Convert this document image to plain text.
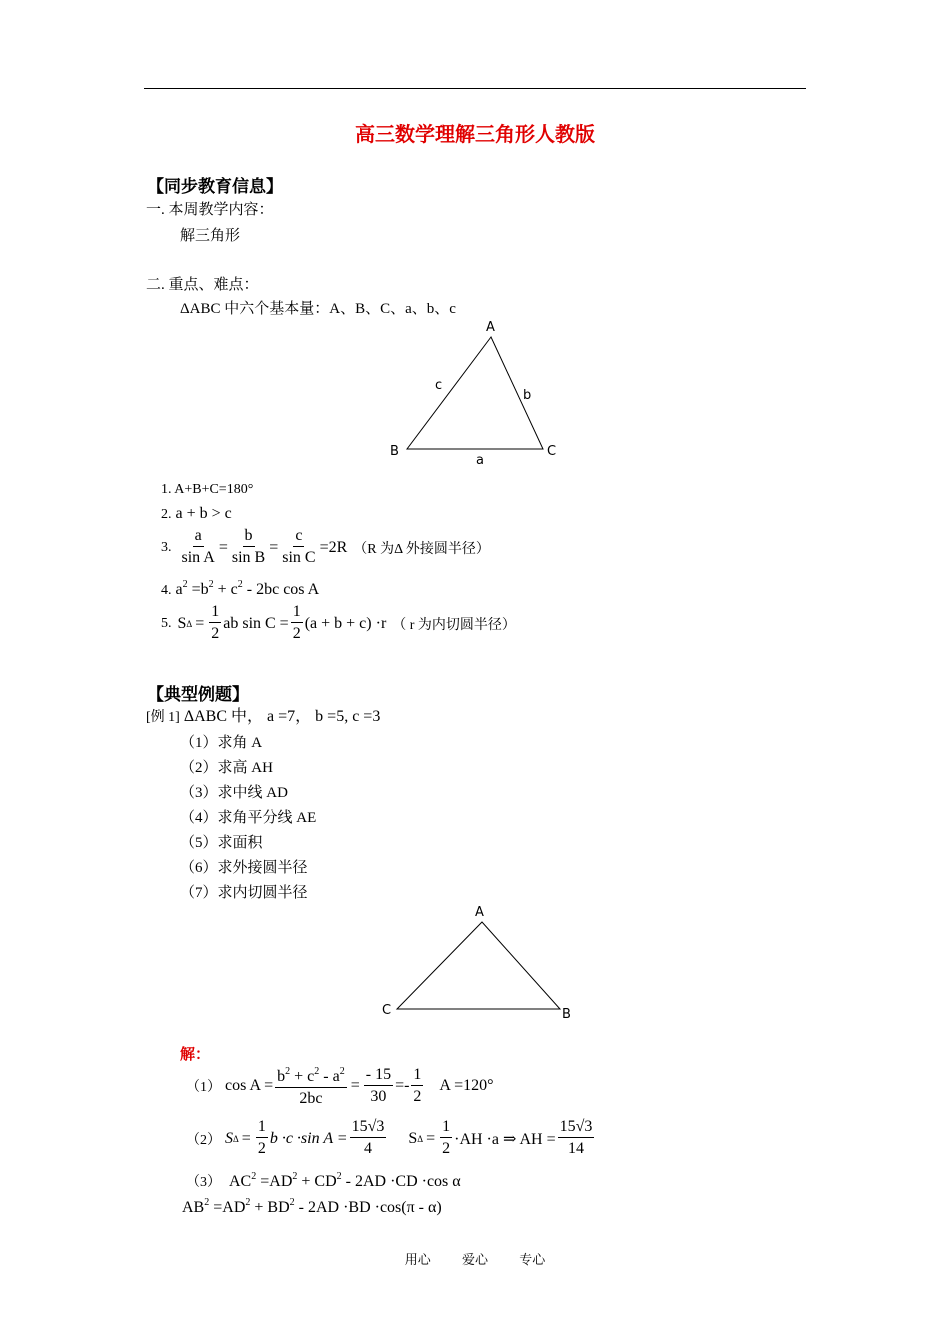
高三数学理解三角形人教版
【同步教育信息】
一. 本周教学内容：
解三角形
二. 重点、难点：
ΔABC 中六个基本量：A、B、C、a、b、c
A
B	C
a
b
c
1. A+B+C=180°
2. a + b > c
3. $\frac{a}{\text{sin A}} = \frac{b}{\text{sin B}} = \frac{c}{\text{sin C}} =2R$ （R 为Δ 外接圆半径）
4. $a^2 =b^2 + c^2 - 2bc$ cos A
5. S $\Delta = \frac{1}{2}$ ab $\sin C = \frac{1}{2} (a + b + c) \cdot r$ （ r 为内切圆半径）
【典型例题】
[例 1] ΔABC 中， a =7， b =5, c =3
（1）求角 A
（2）求高 AH
（3）求中线 AD
（4）求角平分线 AE
（5）求面积
（6）求外接圆半径
（7）求内切圆半径
A
C	B
解：
（1） $\cos A = \frac{b^2 + c^2 - a^2}{2bc} = \frac{- 15}{30} =- \frac{1}{2}$ A =120°
（2） S $\Delta = \frac{1}{2}$ b ·c ·sin $A = \frac{15√3}{4}$ S $\Delta = \frac{1}{2} \cdot AH \cdot a$ ⇒ AH = $\frac{15√3}{14}$
（3） $AC^2 =AD^2 + CD^2 - 2AD \cdot CD \cdot\cos$ α
$AB^2 =AD^2 + BD^2 - 2AD \cdot BD \cdot\cos(\pi - \alpha)$
用心 爱心 专心
